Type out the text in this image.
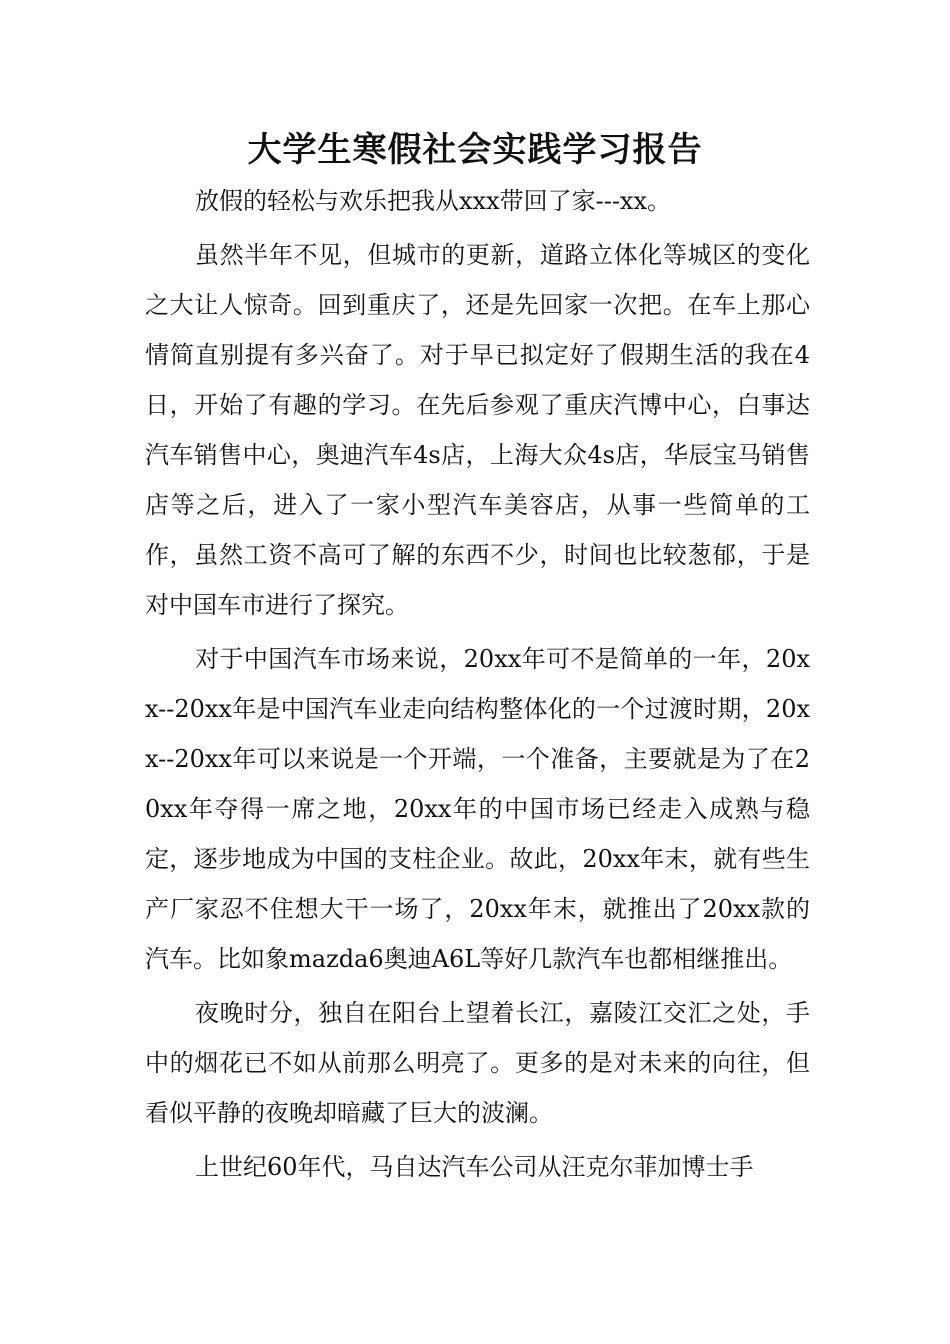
大学生寒假社会实践学习报告

放假的轻松与欢乐把我从xxx带回了家---xx。

虽然半年不见，但城市的更新，道路立体化等城区的变化之大让人惊奇。回到重庆了，还是先回家一次把。在车上那心情简直别提有多兴奋了。对于早已拟定好了假期生活的我在4日，开始了有趣的学习。在先后参观了重庆汽博中心，白事达汽车销售中心，奥迪汽车4s店，上海大众4s店，华辰宝马销售店等之后，进入了一家小型汽车美容店，从事一些简单的工作，虽然工资不高可了解的东西不少，时间也比较葱郁，于是对中国车市进行了探究。

对于中国汽车市场来说，20xx年可不是简单的一年，20xx--20xx年是中国汽车业走向结构整体化的一个过渡时期，20xx--20xx年可以来说是一个开端，一个准备，主要就是为了在20xx年夺得一席之地，20xx年的中国市场已经走入成熟与稳定，逐步地成为中国的支柱企业。故此，20xx年末，就有些生产厂家忍不住想大干一场了，20xx年末，就推出了20xx款的汽车。比如象mazda6奥迪A6L等好几款汽车也都相继推出。

夜晚时分，独自在阳台上望着长江，嘉陵江交汇之处，手中的烟花已不如从前那么明亮了。更多的是对未来的向往，但看似平静的夜晚却暗藏了巨大的波澜。

上世纪60年代，马自达汽车公司从汪克尔菲加博士手
